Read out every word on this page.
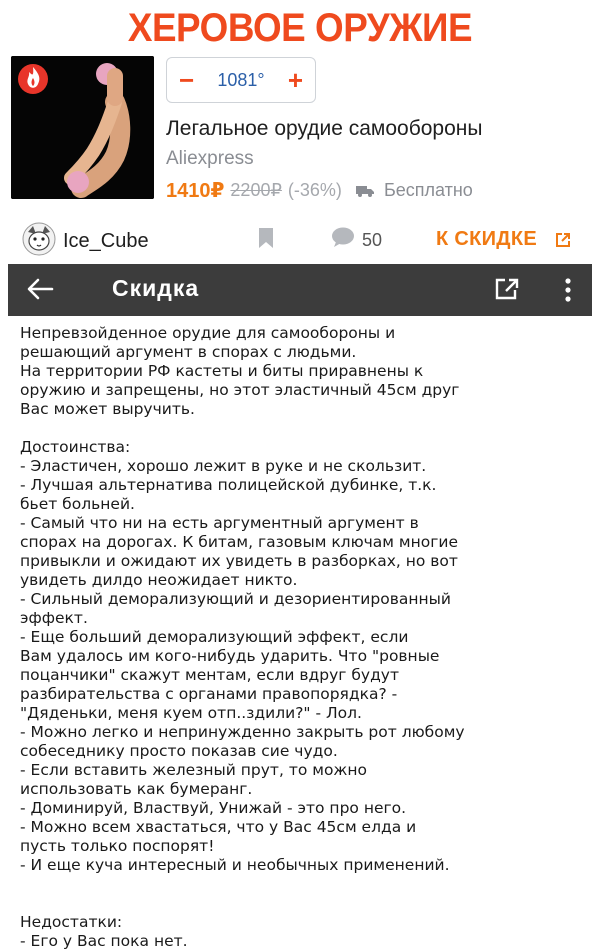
ХЕРОВОЕ ОРУЖИЕ
− 1081° +
Легальное орудие самообороны
Aliexpress
1410₽ 2200₽ (-36%) Бесплатно
Ice_Cube	50	К СКИДКЕ
Скидка

Непревзойденное орудие для самообороны и

решающий аргумент в спорах с людьми.

На территории РФ кастеты и биты приравнены к

оружию и запрещены, но этот эластичный 45см друг

Вас может выручить.

Достоинства:

- Эластичен, хорошо лежит в руке и не скользит.

- Лучшая альтернатива полицейской дубинке, т.к.

бьет больней.

- Самый что ни на есть аргументный аргумент в

спорах на дорогах. К битам, газовым ключам многие

привыкли и ожидают их увидеть в разборках, но вот

увидеть дилдо неожидает никто.

- Сильный деморализующий и дезориентированный

эффект.

- Еще больший деморализующий эффект, если

Вам удалось им кого-нибудь ударить. Что "ровные

поцанчики" скажут ментам, если вдруг будут

разбирательства с органами правопорядка? -

"Дяденьки, меня куем отп..здили?" - Лол.

- Можно легко и непринужденно закрыть рот любому

собеседнику просто показав сие чудо.

- Если вставить железный прут, то можно

использовать как бумеранг.

- Доминируй, Властвуй, Унижай - это про него.

- Можно всем хвастаться, что у Вас 45см елда и

пусть только поспорят!

- И еще куча интересный и необычных применений.

Недостатки:

- Его у Вас пока нет.
